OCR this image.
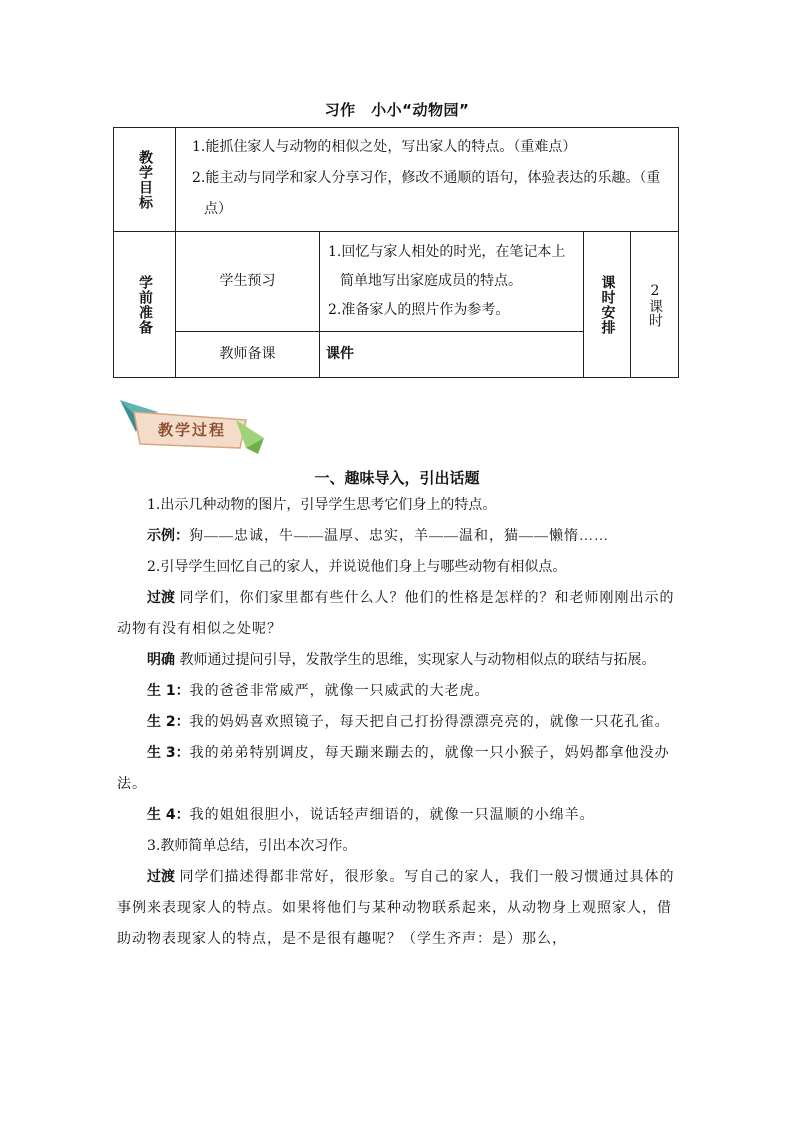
习作　小小“动物园”
教学目标	1.能抓住家人与动物的相似之处，写出家人的特点。（重难点）

2.能主动与同学和家人分享习作，修改不通顺的语句，体验表达的乐趣。（重点）			

学前准备	学生预习	1.回忆与家人相处的时光，在笔记本上简单地写出家庭成员的特点。

2.准备家人的照片作为参考。	课时安排	2课时

	教师备课	课件		
教学过程
一、趣味导入，引出话题

1.出示几种动物的图片，引导学生思考它们身上的特点。

示例：狗——忠诚，牛——温厚、忠实，羊——温和，猫——懒惰……

2.引导学生回忆自己的家人，并说说他们身上与哪些动物有相似点。

过渡 同学们，你们家里都有些什么人？他们的性格是怎样的？和老师刚刚出示的动物有没有相似之处呢？

明确 教师通过提问引导，发散学生的思维，实现家人与动物相似点的联结与拓展。

生 1：我的爸爸非常威严，就像一只威武的大老虎。

生 2：我的妈妈喜欢照镜子，每天把自己打扮得漂漂亮亮的，就像一只花孔雀。

生 3：我的弟弟特别调皮，每天蹦来蹦去的，就像一只小猴子，妈妈都拿他没办法。

生 4：我的姐姐很胆小，说话轻声细语的，就像一只温顺的小绵羊。

3.教师简单总结，引出本次习作。

过渡 同学们描述得都非常好，很形象。写自己的家人，我们一般习惯通过具体的事例来表现家人的特点。如果将他们与某种动物联系起来，从动物身上观照家人，借助动物表现家人的特点，是不是很有趣呢？（学生齐声：是）那么，
